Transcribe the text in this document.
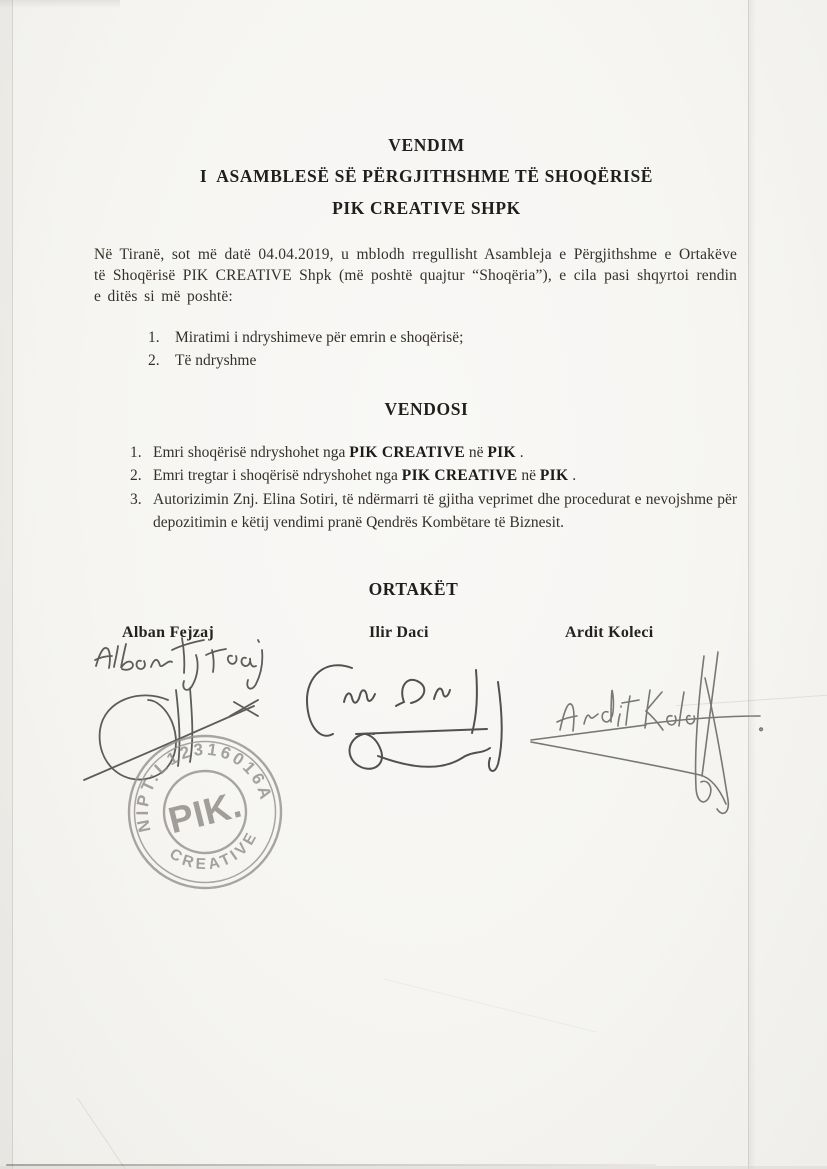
VENDIM
I  ASAMBLESË SË PËRGJITHSHME TË SHOQËRISË
PIK CREATIVE SHPK
Në Tiranë, sot më datë 04.04.2019, u mblodh rregullisht Asambleja e Përgjithshme e Ortakëve të Shoqërisë PIK CREATIVE Shpk (më poshtë quajtur “Shoqëria”), e cila pasi shqyrtoi rendin e ditës si më poshtë:
1. Miratimi i ndryshimeve për emrin e shoqërisë;
2. Të ndryshme
VENDOSI
1. Emri shoqërisë ndryshohet nga PIK CREATIVE në PIK .
2. Emri tregtar i shoqërisë ndryshohet nga PIK CREATIVE në PIK .
3. Autorizimin Znj. Elina Sotiri, të ndërmarri të gjitha veprimet dhe procedurat e nevojshme për depozitimin e këtij vendimi pranë Qendrës Kombëtare të Biznesit.
ORTAKËT
Alban Fejzaj	Ilir Daci	Ardit Koleci
NIPT:L12316016A
CREATIVE
PIK.
